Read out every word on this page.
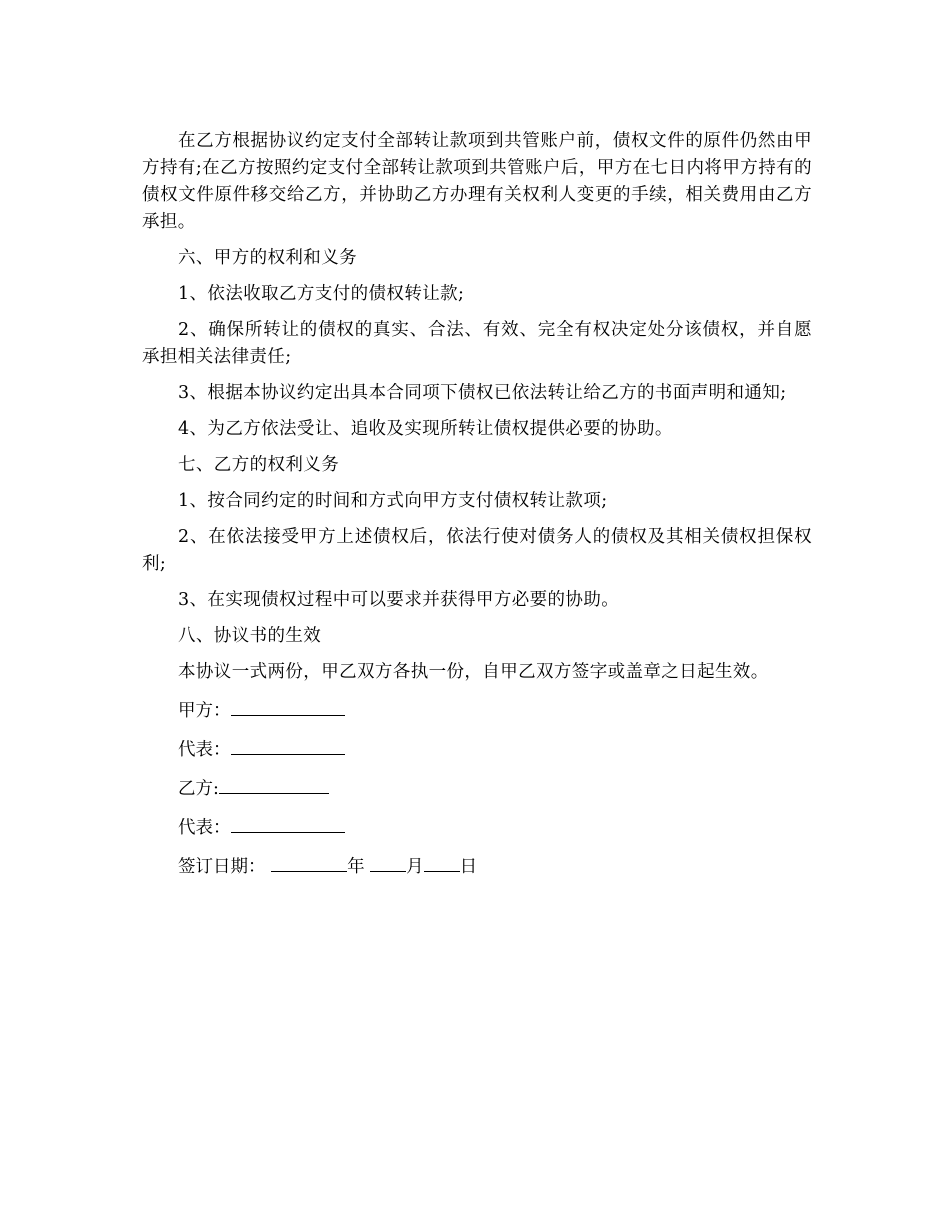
在乙方根据协议约定支付全部转让款项到共管账户前，债权文件的原件仍然由甲方持有;在乙方按照约定支付全部转让款项到共管账户后，甲方在七日内将甲方持有的债权文件原件移交给乙方，并协助乙方办理有关权利人变更的手续，相关费用由乙方承担。

六、甲方的权利和义务

1、依法收取乙方支付的债权转让款;

2、确保所转让的债权的真实、合法、有效、完全有权决定处分该债权，并自愿承担相关法律责任;

3、根据本协议约定出具本合同项下债权已依法转让给乙方的书面声明和通知;

4、为乙方依法受让、追收及实现所转让债权提供必要的协助。

七、乙方的权利义务

1、按合同约定的时间和方式向甲方支付债权转让款项;

2、在依法接受甲方上述债权后，依法行使对债务人的债权及其相关债权担保权利;

3、在实现债权过程中可以要求并获得甲方必要的协助。

八、协议书的生效

本协议一式两份，甲乙双方各执一份，自甲乙双方签字或盖章之日起生效。

甲方：
代表：
乙方:
代表：
签订日期：	年 月 日
